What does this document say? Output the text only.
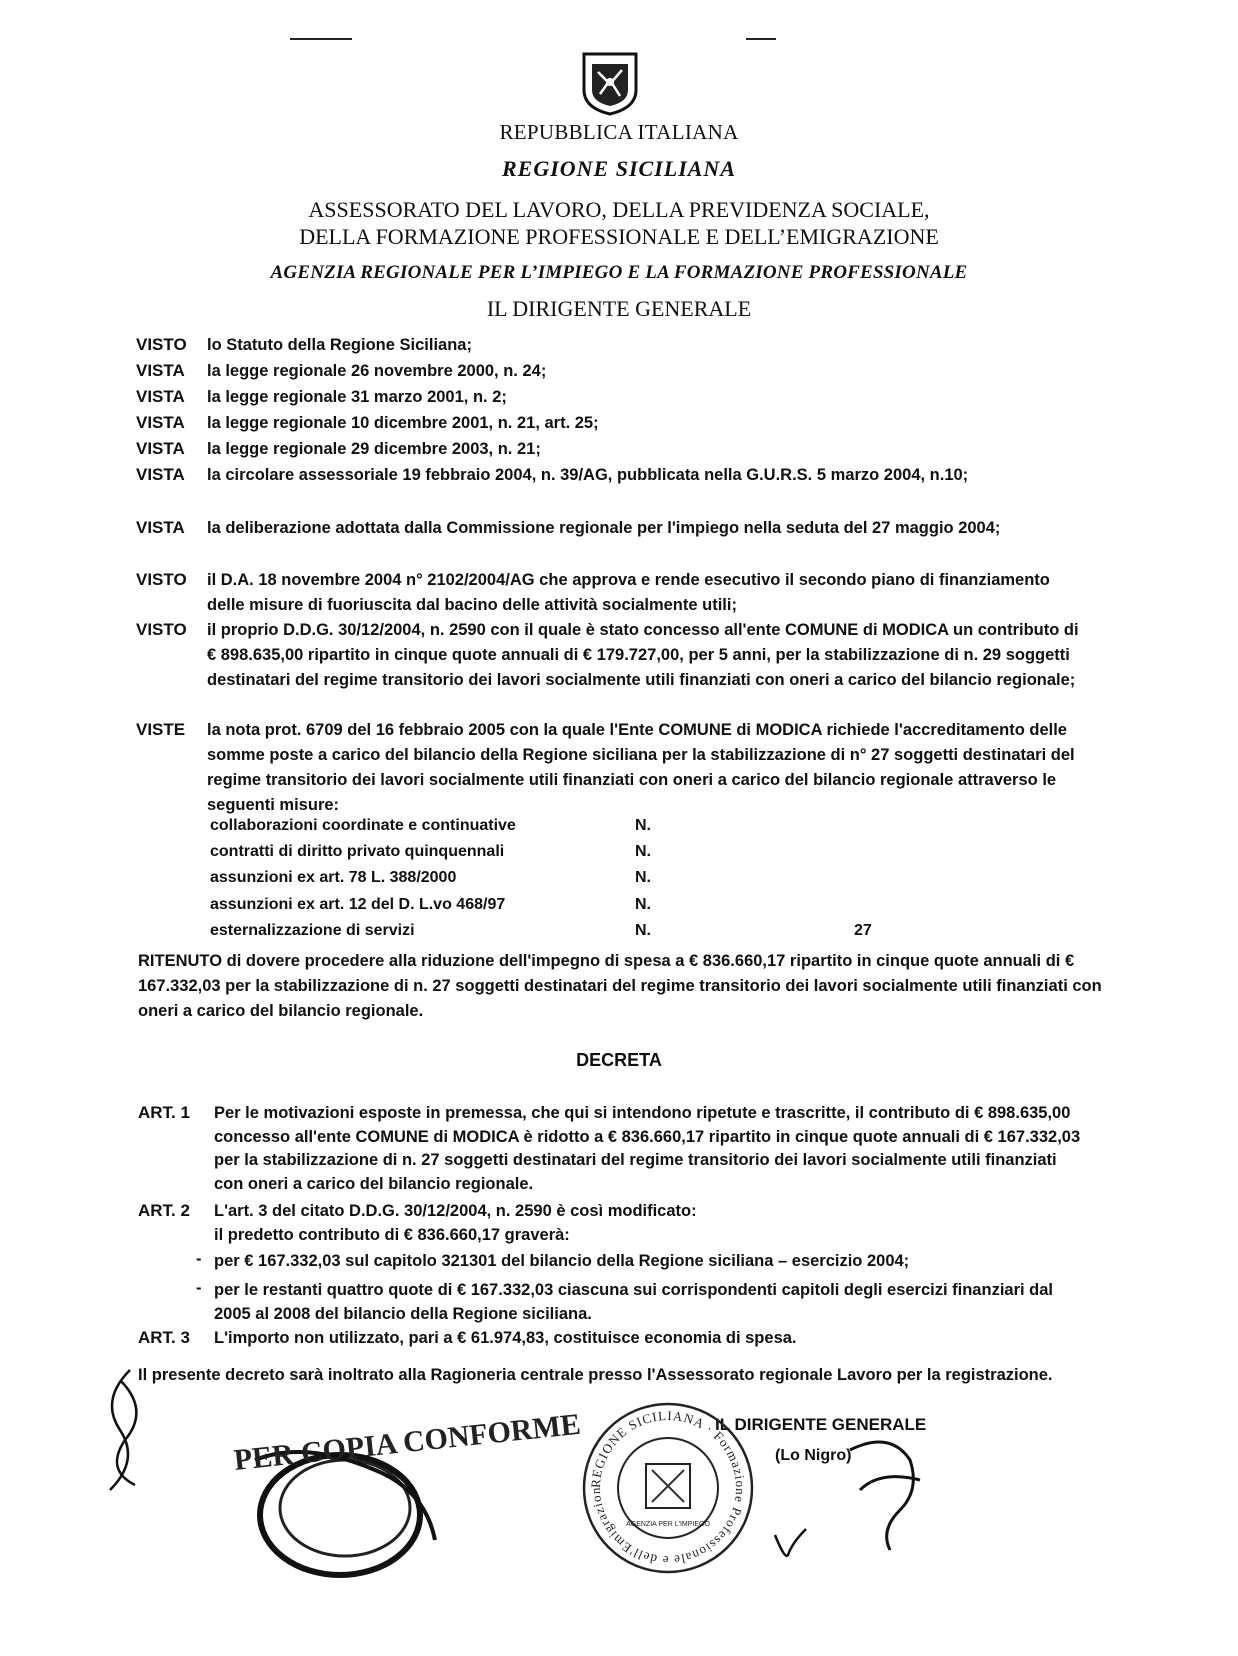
REPUBBLICA ITALIANA
REGIONE SICILIANA
ASSESSORATO DEL LAVORO, DELLA PREVIDENZA SOCIALE,
DELLA FORMAZIONE PROFESSIONALE E DELL’EMIGRAZIONE
AGENZIA REGIONALE PER L’IMPIEGO E LA FORMAZIONE PROFESSIONALE
IL DIRIGENTE GENERALE
VISTO	lo Statuto della Regione Siciliana;
VISTA	la legge regionale 26 novembre 2000, n. 24;
VISTA	la legge regionale 31 marzo 2001, n. 2;
VISTA	la legge regionale 10 dicembre 2001, n. 21, art. 25;
VISTA	la legge regionale 29 dicembre 2003, n. 21;
VISTA	la circolare assessoriale 19 febbraio 2004, n. 39/AG, pubblicata nella G.U.R.S. 5 marzo 2004, n.10;
VISTA	la deliberazione adottata dalla Commissione regionale per l'impiego nella seduta del 27 maggio 2004;
VISTO	il D.A. 18 novembre 2004 n° 2102/2004/AG che approva e rende esecutivo il secondo piano di finanziamento delle misure di fuoriuscita dal bacino delle attività socialmente utili;
VISTO	il proprio D.D.G. 30/12/2004, n. 2590 con il quale è stato concesso all'ente COMUNE di MODICA un contributo di € 898.635,00 ripartito in cinque quote annuali di € 179.727,00, per 5 anni, per la stabilizzazione di n. 29 soggetti destinatari del regime transitorio dei lavori socialmente utili finanziati con oneri a carico del bilancio regionale;
VISTE	la nota prot. 6709 del 16 febbraio 2005 con la quale l'Ente COMUNE di MODICA richiede l'accreditamento delle somme poste a carico del bilancio della Regione siciliana per la stabilizzazione di n° 27 soggetti destinatari del regime transitorio dei lavori socialmente utili finanziati con oneri a carico del bilancio regionale attraverso le seguenti misure:
collaborazioni coordinate e continuative	N.
contratti di diritto privato quinquennali	N.
assunzioni ex art. 78 L. 388/2000	N.
assunzioni ex art. 12 del D. L.vo 468/97	N.
esternalizzazione di servizi	N.	27
RITENUTO di dovere procedere alla riduzione dell'impegno di spesa a € 836.660,17 ripartito in cinque quote annuali di € 167.332,03 per la stabilizzazione di n. 27 soggetti destinatari del regime transitorio dei lavori socialmente utili finanziati con oneri a carico del bilancio regionale.
DECRETA
ART. 1	Per le motivazioni esposte in premessa, che qui si intendono ripetute e trascritte, il contributo di € 898.635,00 concesso all'ente COMUNE di MODICA è ridotto a € 836.660,17 ripartito in cinque quote annuali di € 167.332,03 per la stabilizzazione di n. 27 soggetti destinatari del regime transitorio dei lavori socialmente utili finanziati con oneri a carico del bilancio regionale.
ART. 2	L'art. 3 del citato D.D.G. 30/12/2004, n. 2590 è così modificato:
il predetto contributo di € 836.660,17 graverà:
- per € 167.332,03 sul capitolo 321301 del bilancio della Regione siciliana – esercizio 2004;
- per le restanti quattro quote di € 167.332,03 ciascuna sui corrispondenti capitoli degli esercizi finanziari dal 2005 al 2008 del bilancio della Regione siciliana.
ART. 3	L'importo non utilizzato, pari a € 61.974,83, costituisce economia di spesa.
Il presente decreto sarà inoltrato alla Ragioneria centrale presso l'Assessorato regionale Lavoro per la registrazione.
IL DIRIGENTE GENERALE
(Lo Nigro)
REGIONE SICILIANA · Formazione Professionale e dell'Emigrazion
AGENZIA PER L'IMPIEGO
PER COPIA CONFORME
